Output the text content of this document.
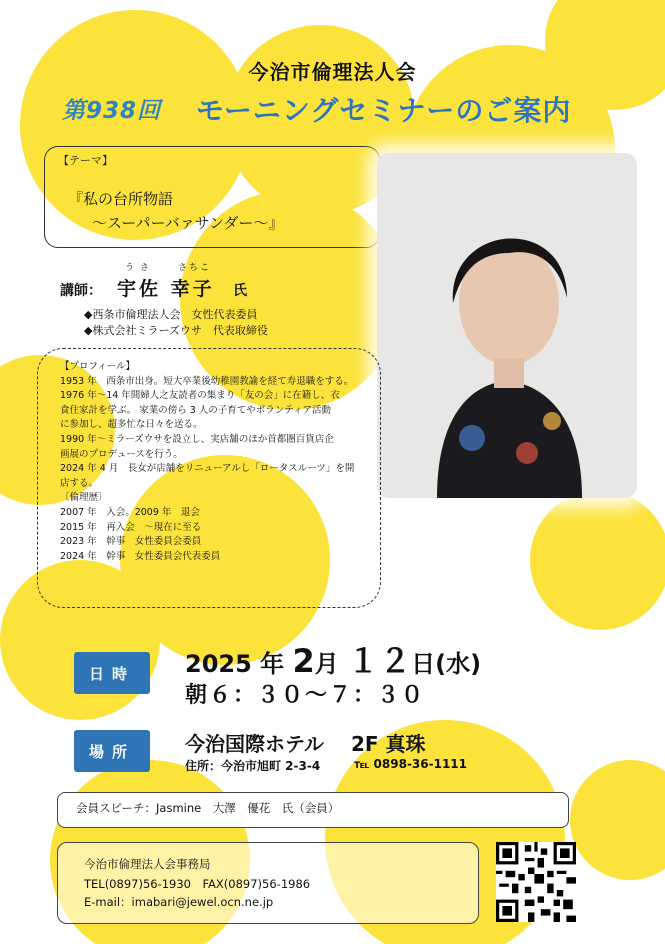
今治市倫理法人会
第938回 モーニングセミナーのご案内
【テーマ】
『私の台所物語
～スーパーバァサンダー～』
うさ	さちこ
講師： 宇佐 幸子 氏
◆西条市倫理法人会　女性代表委員
◆株式会社ミラーズウサ　代表取締役
【プロフィール】
1953 年　西条市出身。短大卒業後幼稚園教諭を経て寿退職をする。
1976 年～14 年間婦人之友読者の集まり「友の会」に在籍し、衣
食住家計を学ぶ。 家業の傍ら 3 人の子育てやボランティア活動
に参加し、超多忙な日々を送る。
1990 年～ミラーズウサを設立し、実店舗のほか首都圏百貨店企
画展のプロデュースを行う。
2024 年 4 月　長女が店舗をリニューアルし「ロータスルーツ」を開
店する。
〔倫理歴〕
2007 年　入会。2009 年　退会
2015 年　再入会　～現在に至る
2023 年　幹事　女性委員会委員
2024 年　幹事　女性委員会代表委員
日時	2025 年 2月 １２日(水)
朝６：３０～７：３０
場所	今治国際ホテル　 2F 真珠
住所：今治市旭町 2-3-4	℡ 0898-36-1111
会員スピーチ：Jasmine　大澤　優花　氏（会員）
今治市倫理法人会事務局
TEL(0897)56-1930　FAX(0897)56-1986
E-mail：imabari@jewel.ocn.ne.jp
